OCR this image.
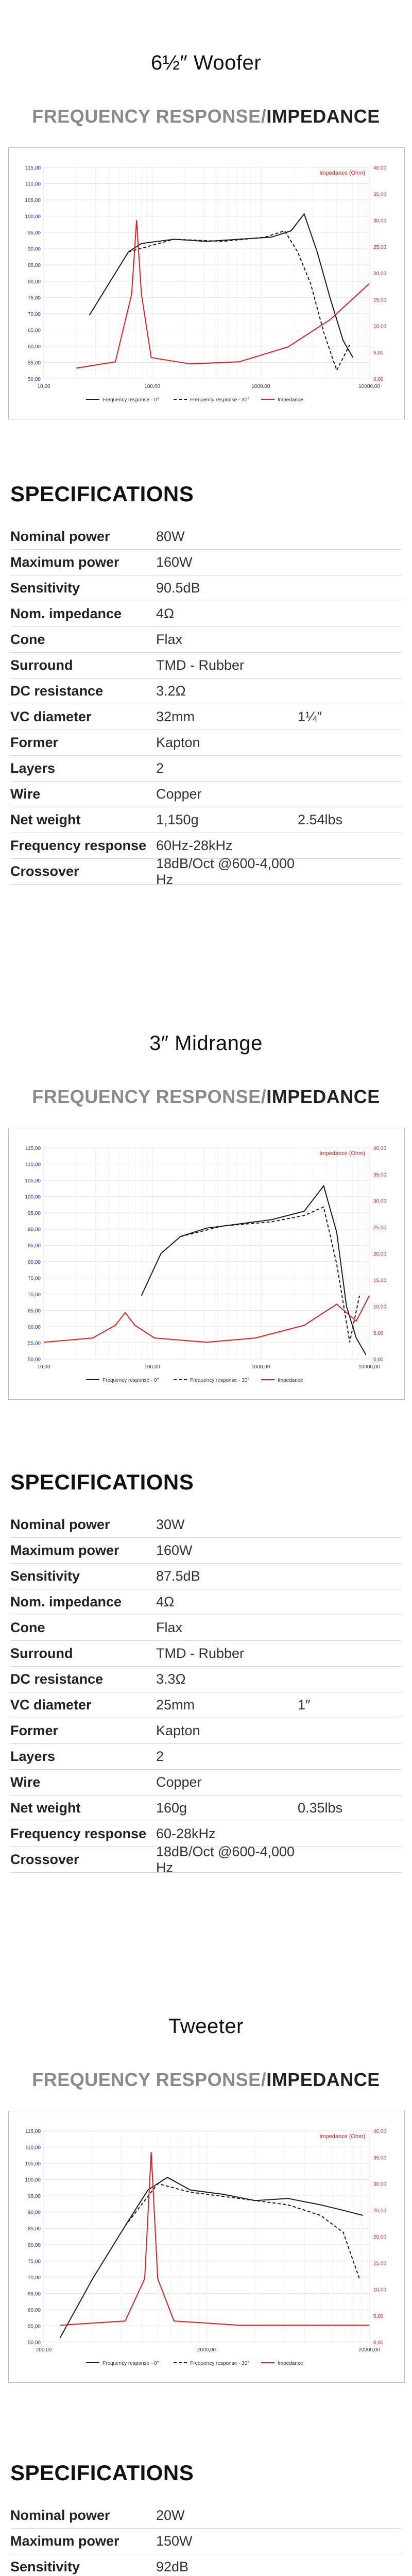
6½″ Woofer
FREQUENCY RESPONSE/IMPEDANCE
115,00
110,00
105,00
100,00
95,00
90,00
85,00
80,00
75,00
70,00
65,00
60,00
55,00
50,00
40,00
35,00
30,00
25,00
20,00
15,00
10,00
5,00
0,00
10,00	100,00	1000,00	10000,00
Impedance (Ohm)
Frequency response - 0°	Frequency response - 30°	Impedance
SPECIFICATIONS
Nominal power	80W
Maximum power	160W
Sensitivity	90.5dB
Nom. impedance	4Ω
Cone	Flax
Surround	TMD - Rubber
DC resistance	3.2Ω
VC diameter	32mm	1¼″
Former	Kapton
Layers	2
Wire	Copper
Net weight	1,150g	2.54lbs
Frequency response 60Hz-28kHz
Crossover
18dB/Oct @600-4,000 Hz
3″ Midrange
FREQUENCY RESPONSE/IMPEDANCE
115,00
110,00
105,00
100,00
95,00
90,00
85,00
80,00
75,00
70,00
65,00
60,00
55,00
50,00
40,00
35,00
30,00
25,00
20,00
15,00
10,00
5,00
0,00
10,00	100,00	1000,00	10000,00
Impedance (Ohm)
Frequency response - 0°	Frequency response - 30°	Impedance
SPECIFICATIONS
Nominal power	30W
Maximum power	160W
Sensitivity	87.5dB
Nom. impedance	4Ω
Cone	Flax
Surround	TMD - Rubber
DC resistance	3.3Ω
VC diameter	25mm	1″
Former	Kapton
Layers	2
Wire	Copper
Net weight	160g	0.35lbs
Frequency response 60-28kHz
Crossover
18dB/Oct @600-4,000 Hz
Tweeter
FREQUENCY RESPONSE/IMPEDANCE
115,00
110,00
105,00
100,00
95,00
90,00
85,00
80,00
75,00
70,00
65,00
60,00
55,00
50,00
40,00
35,00
30,00
25,00
20,00
15,00
10,00
5,00
0,00
200,00	2000,00	20000,00
Impedance (Ohm)
Frequency response - 0°	Frequency response - 30°	Impedance
SPECIFICATIONS
Nominal power	20W
Maximum power	150W
Sensitivity	92dB
